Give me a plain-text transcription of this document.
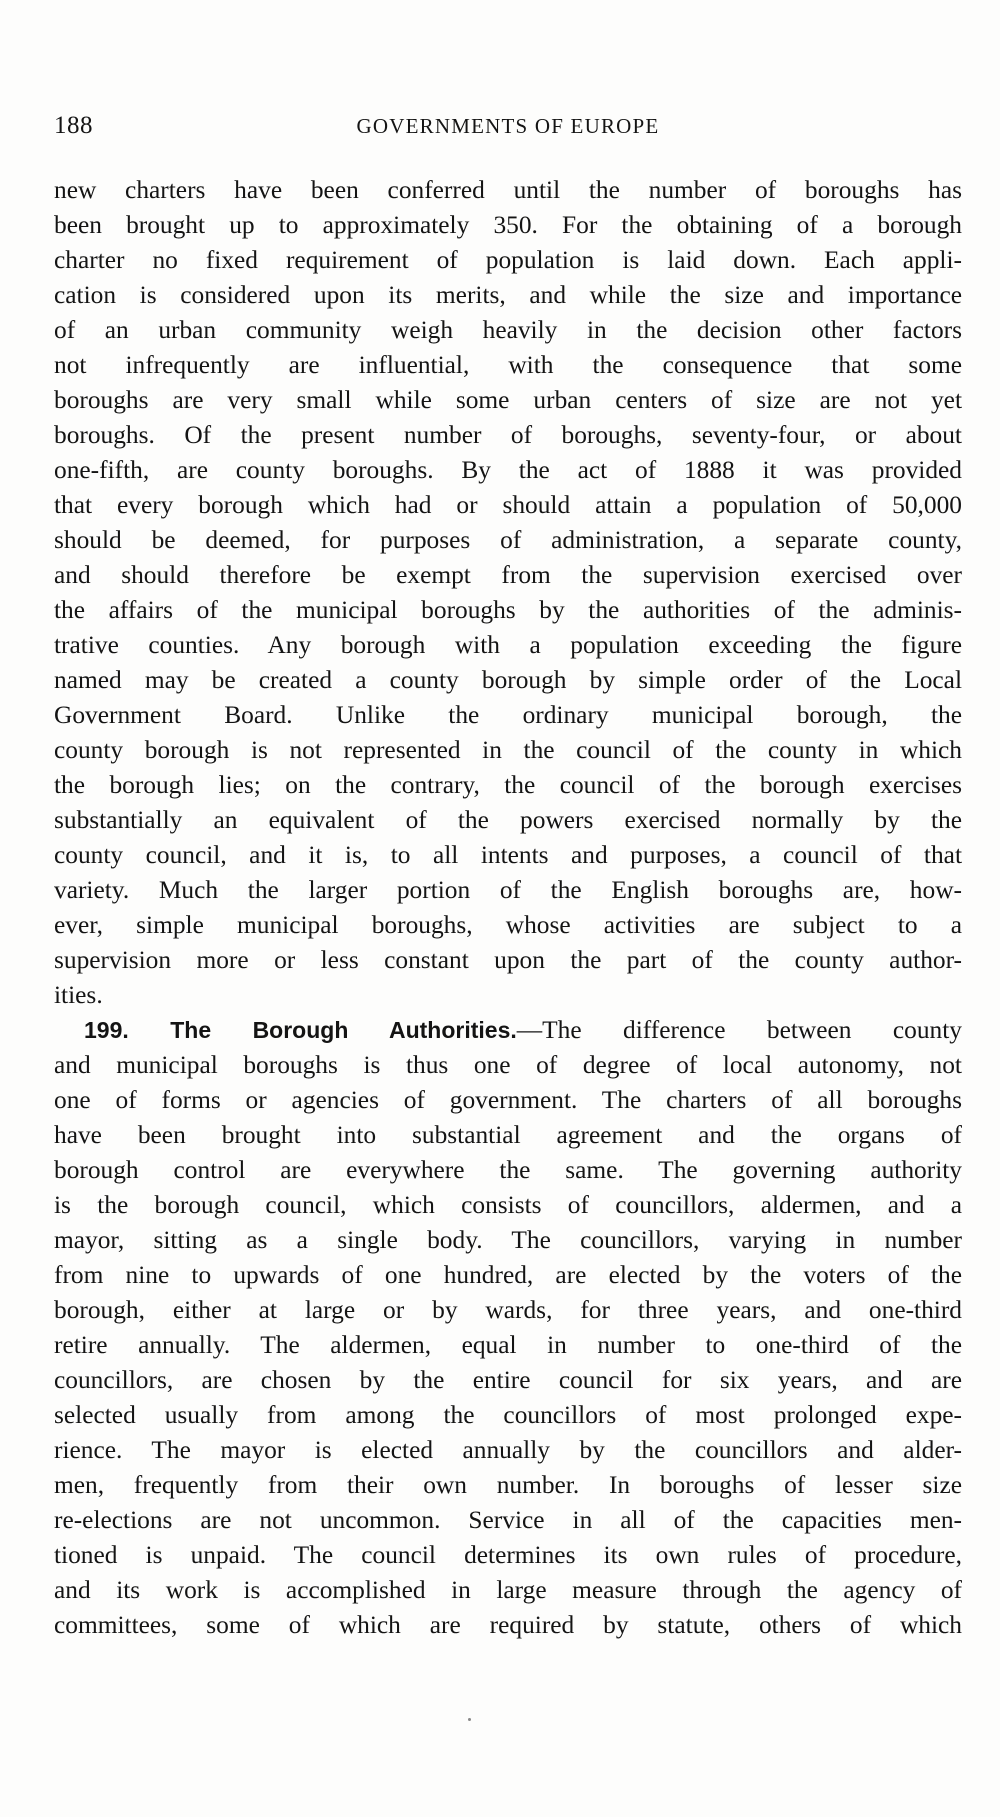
188	GOVERNMENTS OF EUROPE
new charters have been conferred until the number of boroughs has
been brought up to approximately 350. For the obtaining of a borough
charter no fixed requirement of population is laid down. Each appli-
cation is considered upon its merits, and while the size and importance
of an urban community weigh heavily in the decision other factors
not infrequently are influential, with the consequence that some
boroughs are very small while some urban centers of size are not yet
boroughs. Of the present number of boroughs, seventy-four, or about
one-fifth, are county boroughs. By the act of 1888 it was provided
that every borough which had or should attain a population of 50,000
should be deemed, for purposes of administration, a separate county,
and should therefore be exempt from the supervision exercised over
the affairs of the municipal boroughs by the authorities of the adminis-
trative counties. Any borough with a population exceeding the figure
named may be created a county borough by simple order of the Local
Government Board. Unlike the ordinary municipal borough, the
county borough is not represented in the council of the county in which
the borough lies; on the contrary, the council of the borough exercises
substantially an equivalent of the powers exercised normally by the
county council, and it is, to all intents and purposes, a council of that
variety. Much the larger portion of the English boroughs are, how-
ever, simple municipal boroughs, whose activities are subject to a
supervision more or less constant upon the part of the county author-
ities.
199. The Borough Authorities.—The difference between county
and municipal boroughs is thus one of degree of local autonomy, not
one of forms or agencies of government. The charters of all boroughs
have been brought into substantial agreement and the organs of
borough control are everywhere the same. The governing authority
is the borough council, which consists of councillors, aldermen, and a
mayor, sitting as a single body. The councillors, varying in number
from nine to upwards of one hundred, are elected by the voters of the
borough, either at large or by wards, for three years, and one-third
retire annually. The aldermen, equal in number to one-third of the
councillors, are chosen by the entire council for six years, and are
selected usually from among the councillors of most prolonged expe-
rience. The mayor is elected annually by the councillors and alder-
men, frequently from their own number. In boroughs of lesser size
re-elections are not uncommon. Service in all of the capacities men-
tioned is unpaid. The council determines its own rules of procedure,
and its work is accomplished in large measure through the agency of
committees, some of which are required by statute, others of which
